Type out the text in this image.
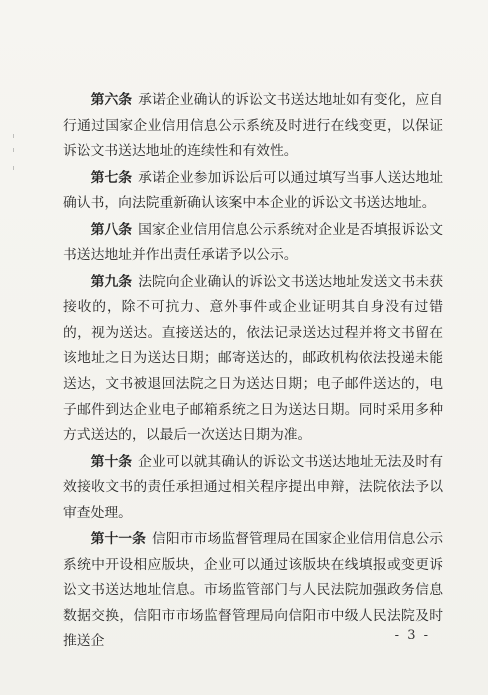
第六条 承诺企业确认的诉讼文书送达地址如有变化，应自行通过国家企业信用信息公示系统及时进行在线变更，以保证诉讼文书送达地址的连续性和有效性。

第七条 承诺企业参加诉讼后可以通过填写当事人送达地址确认书，向法院重新确认该案中本企业的诉讼文书送达地址。

第八条 国家企业信用信息公示系统对企业是否填报诉讼文书送达地址并作出责任承诺予以公示。

第九条 法院向企业确认的诉讼文书送达地址发送文书未获接收的，除不可抗力、意外事件或企业证明其自身没有过错的，视为送达。直接送达的，依法记录送达过程并将文书留在该地址之日为送达日期；邮寄送达的，邮政机构依法投递未能送达，文书被退回法院之日为送达日期；电子邮件送达的，电子邮件到达企业电子邮箱系统之日为送达日期。同时采用多种方式送达的，以最后一次送达日期为准。

第十条 企业可以就其确认的诉讼文书送达地址无法及时有效接收文书的责任承担通过相关程序提出申辩，法院依法予以审查处理。

第十一条 信阳市市场监督管理局在国家企业信用信息公示系统中开设相应版块，企业可以通过该版块在线填报或变更诉讼文书送达地址信息。市场监管部门与人民法院加强政务信息数据交换，信阳市市场监督管理局向信阳市中级人民法院及时推送企	- 3 -
